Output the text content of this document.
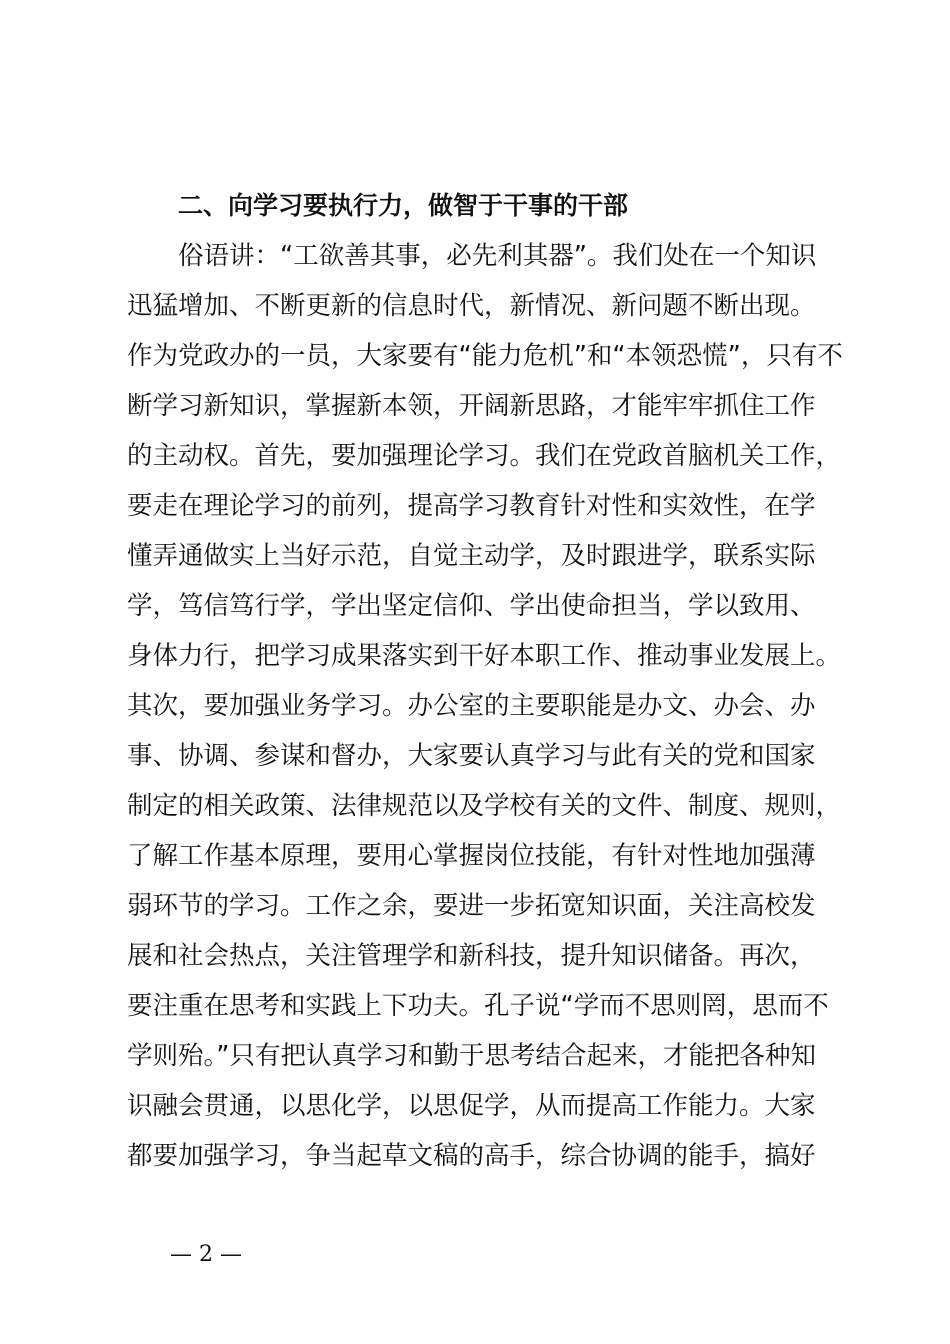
二、向学习要执行力，做智于干事的干部
俗语讲：“工欲善其事，必先利其器”。我们处在一个知识
迅猛增加、不断更新的信息时代，新情况、新问题不断出现。
作为党政办的一员，大家要有“能力危机”和“本领恐慌”，只有不
断学习新知识，掌握新本领，开阔新思路，才能牢牢抓住工作
的主动权。首先，要加强理论学习。我们在党政首脑机关工作，
要走在理论学习的前列，提高学习教育针对性和实效性，在学
懂弄通做实上当好示范，自觉主动学，及时跟进学，联系实际
学，笃信笃行学，学出坚定信仰、学出使命担当，学以致用、
身体力行，把学习成果落实到干好本职工作、推动事业发展上。
其次，要加强业务学习。办公室的主要职能是办文、办会、办
事、协调、参谋和督办，大家要认真学习与此有关的党和国家
制定的相关政策、法律规范以及学校有关的文件、制度、规则，
了解工作基本原理，要用心掌握岗位技能，有针对性地加强薄
弱环节的学习。工作之余，要进一步拓宽知识面，关注高校发
展和社会热点，关注管理学和新科技，提升知识储备。再次，
要注重在思考和实践上下功夫。孔子说“学而不思则罔，思而不
学则殆。”只有把认真学习和勤于思考结合起来，才能把各种知
识融会贯通，以思化学，以思促学，从而提高工作能力。大家
都要加强学习，争当起草文稿的高手，综合协调的能手，搞好
— 2 —
